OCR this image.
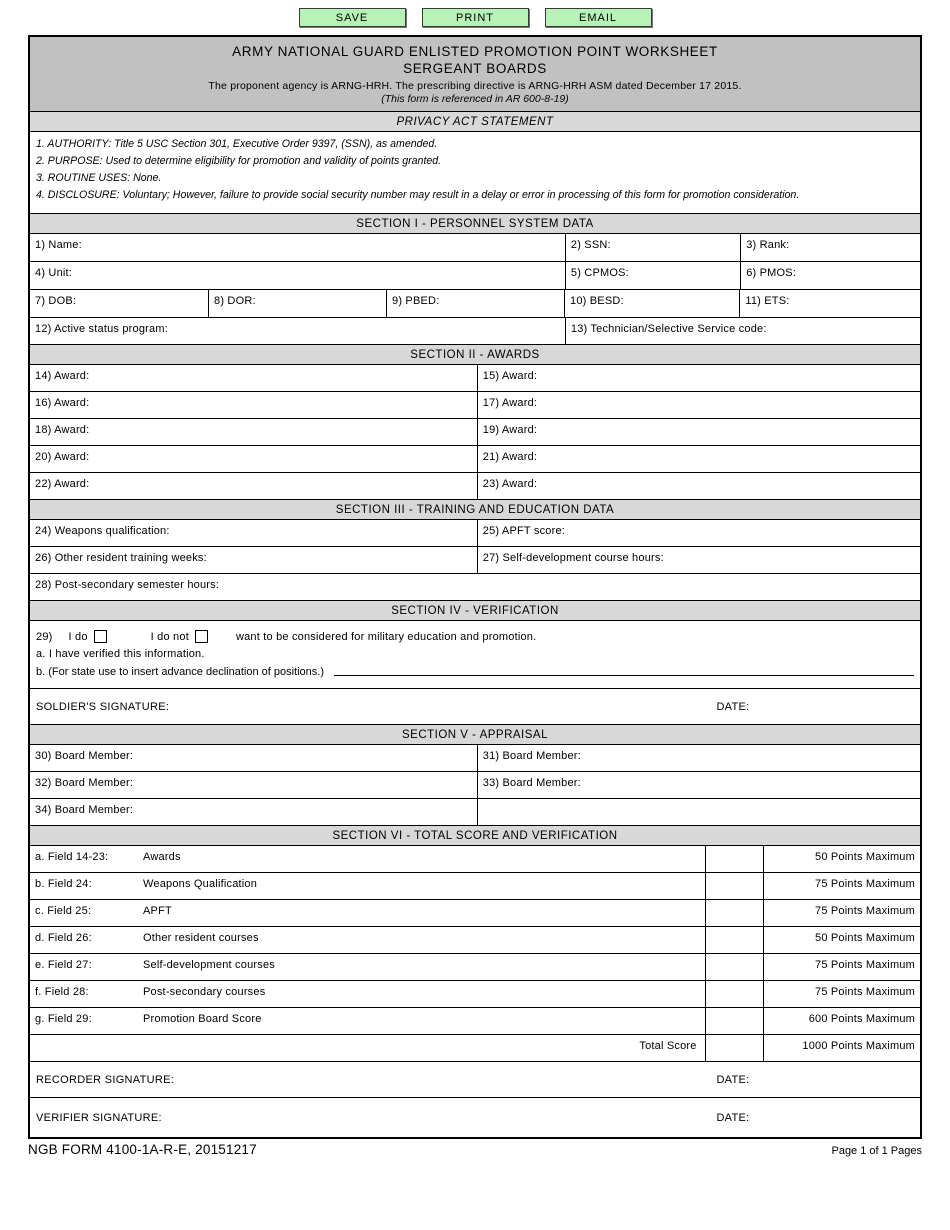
SAVE	PRINT	EMAIL
ARMY NATIONAL GUARD ENLISTED PROMOTION POINT WORKSHEET
SERGEANT BOARDS
The proponent agency is ARNG-HRH. The prescribing directive is ARNG-HRH ASM dated December 17 2015.
(This form is referenced in AR 600-8-19)
PRIVACY ACT STATEMENT
1. AUTHORITY: Title 5 USC Section 301, Executive Order 9397, (SSN), as amended.
2. PURPOSE: Used to determine eligibility for promotion and validity of points granted.
3. ROUTINE USES: None.
4. DISCLOSURE: Voluntary; However, failure to provide social security number may result in a delay or error in processing of this form for promotion consideration.
SECTION I - PERSONNEL SYSTEM DATA
1) Name:	2) SSN:	3) Rank:
4) Unit:	5) CPMOS:	6) PMOS:
7) DOB:	8) DOR:	9) PBED:	10) BESD:	11) ETS:
12) Active status program:	13) Technician/Selective Service code:
SECTION II - AWARDS
14) Award:	15) Award:
16) Award:	17) Award:
18) Award:	19) Award:
20) Award:	21) Award:
22) Award:	23) Award:
SECTION III - TRAINING AND EDUCATION DATA
24) Weapons qualification:	25) APFT score:
26) Other resident training weeks:	27) Self-development course hours:
28) Post-secondary semester hours:
SECTION IV - VERIFICATION
29) I do	I do not	want to be considered for military education and promotion.
a. I have verified this information.
b. (For state use to insert advance declination of positions.)
SOLDIER'S SIGNATURE:	DATE:
SECTION V - APPRAISAL
30) Board Member:	31) Board Member:
32) Board Member:	33) Board Member:
34) Board Member:
SECTION VI - TOTAL SCORE AND VERIFICATION
a. Field 14-23:	Awards	50 Points Maximum
b. Field 24:	Weapons Qualification	75 Points Maximum
c. Field 25:	APFT	75 Points Maximum
d. Field 26:	Other resident courses	50 Points Maximum
e. Field 27:	Self-development courses	75 Points Maximum
f. Field 28:	Post-secondary courses	75 Points Maximum
g. Field 29:	Promotion Board Score	600 Points Maximum
Total Score	1000 Points Maximum
RECORDER SIGNATURE:	DATE:
VERIFIER SIGNATURE:	DATE:
NGB FORM 4100-1A-R-E, 20151217	Page 1 of 1 Pages
